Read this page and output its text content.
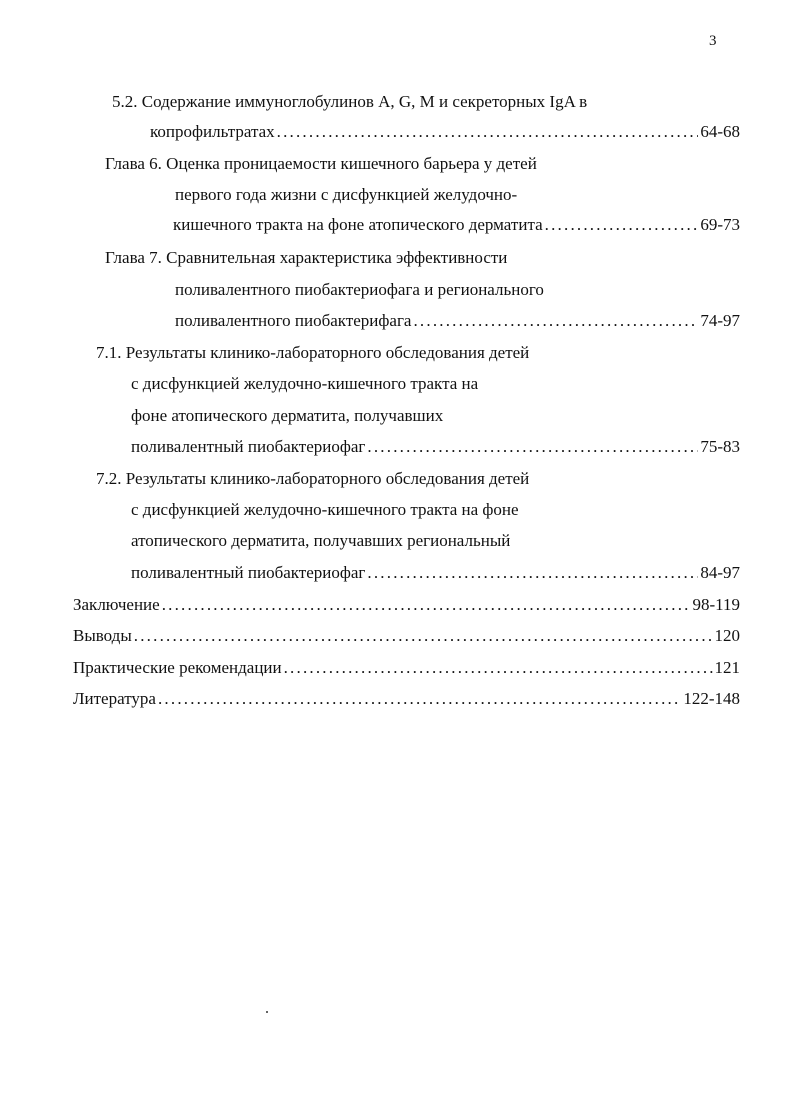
3
5.2. Содержание иммуноглобулинов А, G, М и секреторных IgA в
копрофильтратах .....	64-68
Глава 6. Оценка проницаемости кишечного барьера у детей
первого года жизни с дисфункцией желудочно-
кишечного тракта на фоне атопического дерматита .....	69-73
Глава 7. Сравнительная характеристика эффективности
поливалентного пиобактериофага и регионального
поливалентного пиобактерифага .....	74-97
7.1. Результаты клинико-лабораторного обследования детей
с дисфункцией желудочно-кишечного тракта на
фоне атопического дерматита, получавших
поливалентный пиобактериофаг .....	75-83
7.2. Результаты клинико-лабораторного обследования детей
с дисфункцией желудочно-кишечного тракта на фоне
атопического дерматита, получавших региональный
поливалентный пиобактериофаг .....	84-97
Заключение .....	98-119
Выводы .....	120
Практические рекомендации .....	121
Литература .....	122-148
